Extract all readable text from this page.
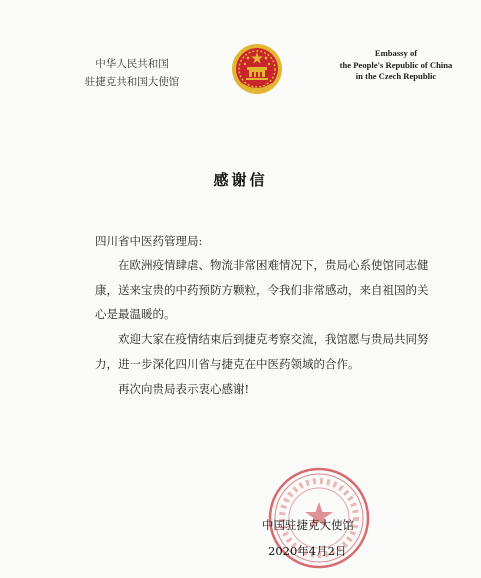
中华人民共和国
驻捷克共和国大使馆
Embassy of
the People's Republic of China
in the Czech Republic
感谢信
四川省中医药管理局:
在欧洲疫情肆虐、物流非常困难情况下，贵局心系使馆同志健康，送来宝贵的中药预防方颗粒，令我们非常感动，来自祖国的关心是最温暖的。
欢迎大家在疫情结束后到捷克考察交流，我馆愿与贵局共同努力，进一步深化四川省与捷克在中医药领域的合作。
再次向贵局表示衷心感谢!
中国驻捷克大使馆
2020年4月2日
